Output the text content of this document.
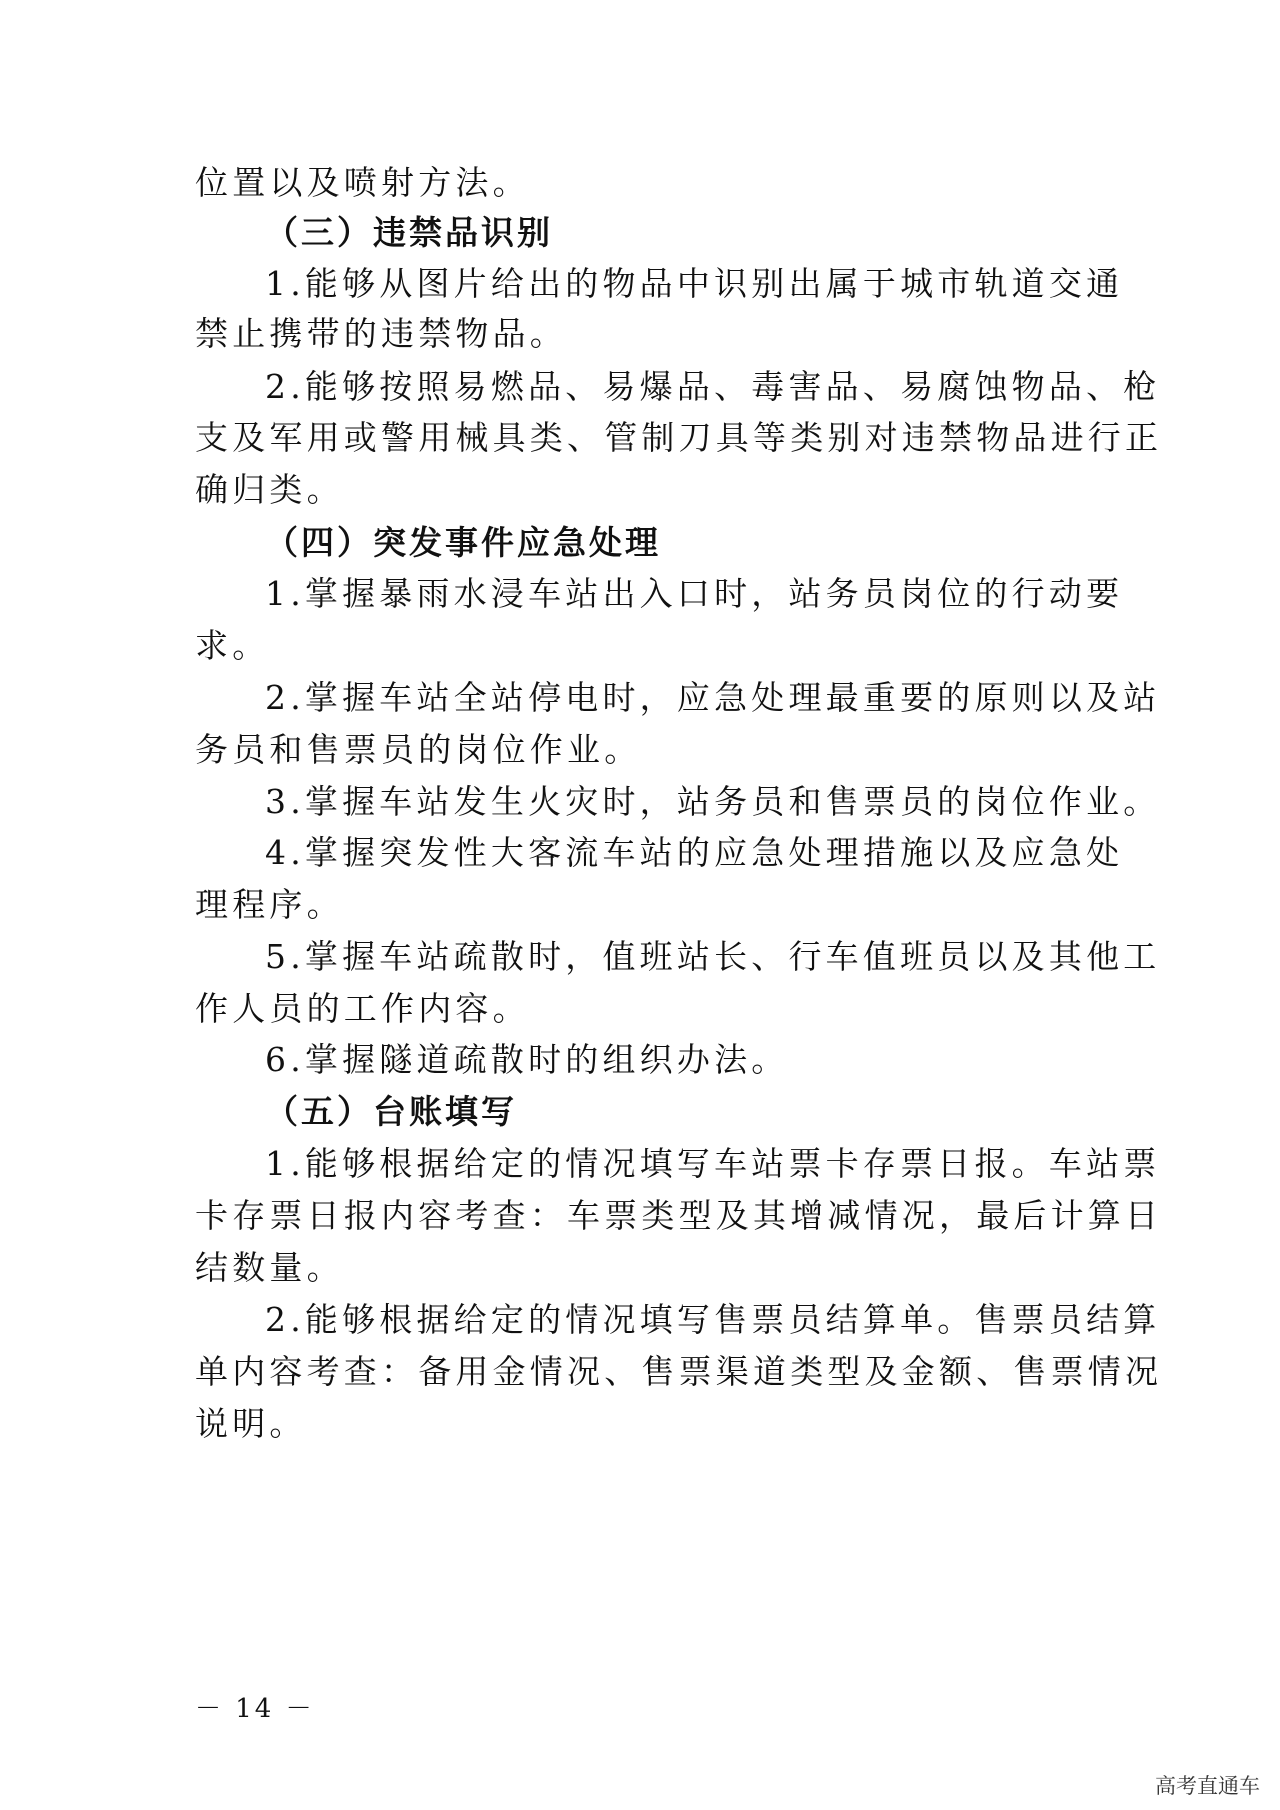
位置以及喷射方法。
（三）违禁品识别
1.能够从图片给出的物品中识别出属于城市轨道交通
禁止携带的违禁物品。
2.能够按照易燃品、易爆品、毒害品、易腐蚀物品、枪
支及军用或警用械具类、管制刀具等类别对违禁物品进行正
确归类。
（四）突发事件应急处理
1.掌握暴雨水浸车站出入口时，站务员岗位的行动要
求。
2.掌握车站全站停电时，应急处理最重要的原则以及站
务员和售票员的岗位作业。
3.掌握车站发生火灾时，站务员和售票员的岗位作业。
4.掌握突发性大客流车站的应急处理措施以及应急处
理程序。
5.掌握车站疏散时，值班站长、行车值班员以及其他工
作人员的工作内容。
6.掌握隧道疏散时的组织办法。
（五）台账填写
1.能够根据给定的情况填写车站票卡存票日报。车站票
卡存票日报内容考查：车票类型及其增减情况，最后计算日
结数量。
2.能够根据给定的情况填写售票员结算单。售票员结算
单内容考查：备用金情况、售票渠道类型及金额、售票情况
说明。
－ 14 －
高考直通车
